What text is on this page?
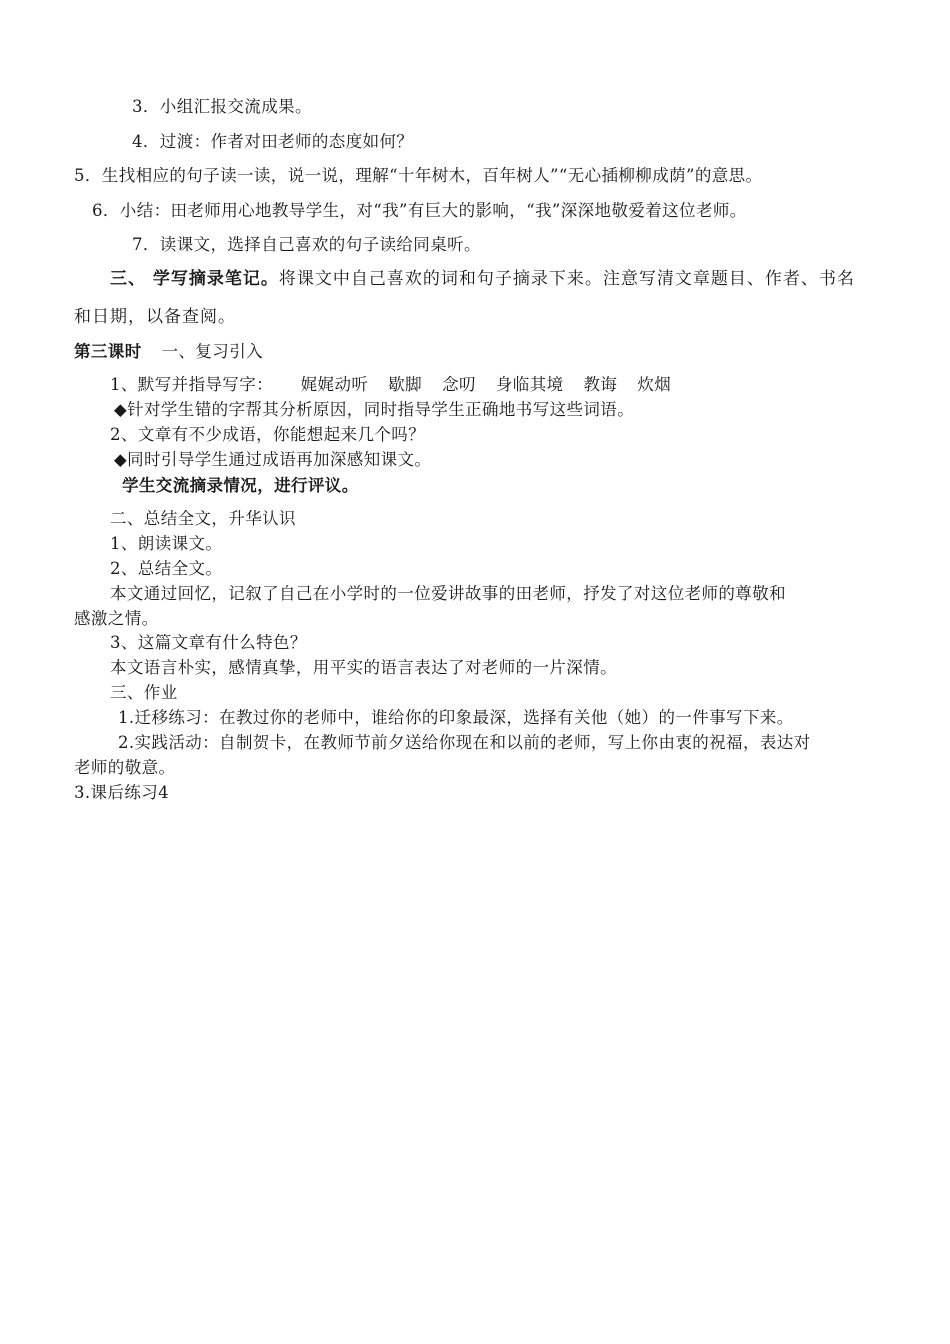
3．小组汇报交流成果。
4．过渡：作者对田老师的态度如何？
5．生找相应的句子读一读，说一说，理解“十年树木，百年树人”“无心插柳柳成荫”的意思。
6．小结：田老师用心地教导学生，对“我”有巨大的影响，“我”深深地敬爱着这位老师。
7．读课文，选择自己喜欢的句子读给同桌听。
三、 学写摘录笔记。将课文中自己喜欢的词和句子摘录下来。注意写清文章题目、作者、书名
和日期，以备查阅。
第三课时 一、复习引入
1、默写并指导写字： 娓娓动听 歇脚 念叨 身临其境 教诲 炊烟
◆针对学生错的字帮其分析原因，同时指导学生正确地书写这些词语。
2、文章有不少成语，你能想起来几个吗？
◆同时引导学生通过成语再加深感知课文。
学生交流摘录情况，进行评议。
二、总结全文，升华认识
1、朗读课文。
2、总结全文。
本文通过回忆，记叙了自己在小学时的一位爱讲故事的田老师，抒发了对这位老师的尊敬和
感激之情。
3、这篇文章有什么特色？
本文语言朴实，感情真挚，用平实的语言表达了对老师的一片深情。
三、作业
1.迁移练习：在教过你的老师中，谁给你的印象最深，选择有关他（她）的一件事写下来。
2.实践活动：自制贺卡，在教师节前夕送给你现在和以前的老师，写上你由衷的祝福，表达对
老师的敬意。
3.课后练习4
